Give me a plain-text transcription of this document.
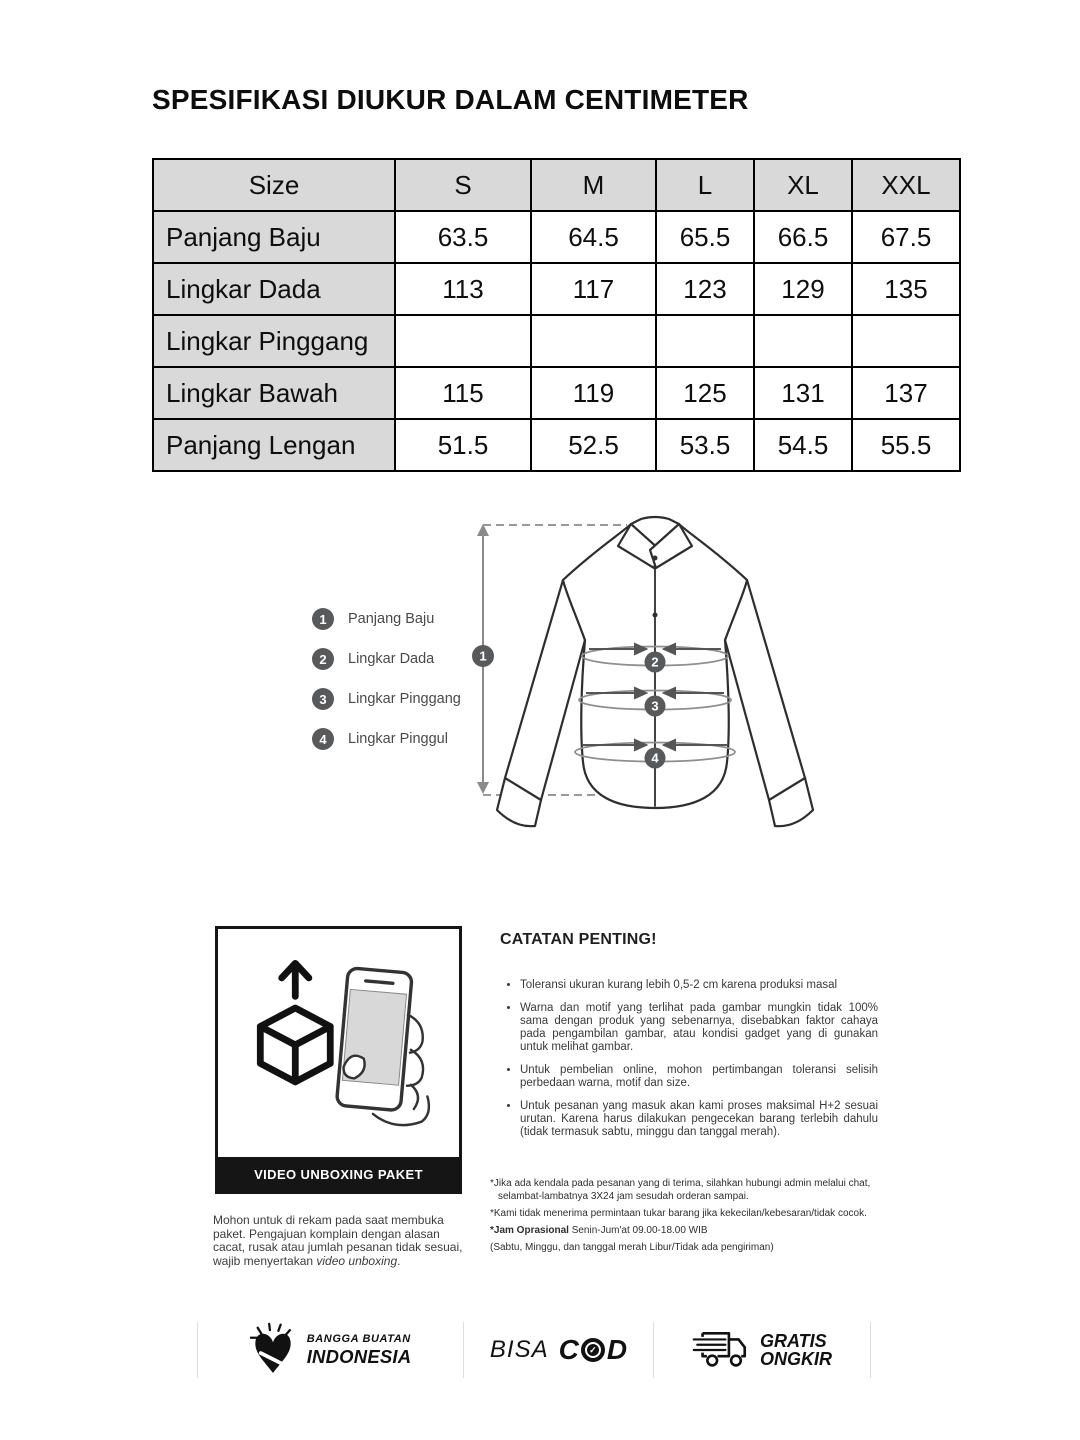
SPESIFIKASI DIUKUR DALAM CENTIMETER
Size	S	M	L	XL	XXL
Panjang Baju	63.5	64.5	65.5	66.5	67.5
Lingkar Dada	113	117	123	129	135
Lingkar Pinggang					
Lingkar Bawah	115	119	125	131	137
Panjang Lengan	51.5	52.5	53.5	54.5	55.5
1	Panjang Baju
2	Lingkar Dada
3	Lingkar Pinggang
4	Lingkar Pinggul
1	2
3
4
VIDEO UNBOXING PAKET

Mohon untuk di rekam pada saat membuka paket. Pengajuan komplain dengan alasan cacat, rusak atau jumlah pesanan tidak sesuai, wajib menyertakan video unboxing.

CATATAN PENTING!
• Toleransi ukuran kurang lebih 0,5-2 cm karena produksi masal
• Warna dan motif yang terlihat pada gambar mungkin tidak 100% sama dengan produk yang sebenarnya, disebabkan faktor cahaya pada pengambilan gambar, atau kondisi gadget yang di gunakan untuk melihat gambar.
• Untuk pembelian online, mohon pertimbangan toleransi selisih perbedaan warna, motif dan size.
• Untuk pesanan yang masuk akan kami proses maksimal H+2 sesuai urutan. Karena harus dilakukan pengecekan barang terlebih dahulu (tidak termasuk sabtu, minggu dan tanggal merah).

*Jika ada kendala pada pesanan yang di terima, silahkan hubungi admin melalui chat, selambat-lambatnya 3X24 jam sesudah orderan sampai.

*Kami tidak menerima permintaan tukar barang jika kekecilan/kebesaran/tidak cocok.

*Jam Oprasional Senin-Jum'at 09.00-18.00 WIB

(Sabtu, Minggu, dan tanggal merah Libur/Tidak ada pengiriman)

BANGGA BUATAN
INDONESIA	BISA C ✓ D	GRATIS
ONGKIR
